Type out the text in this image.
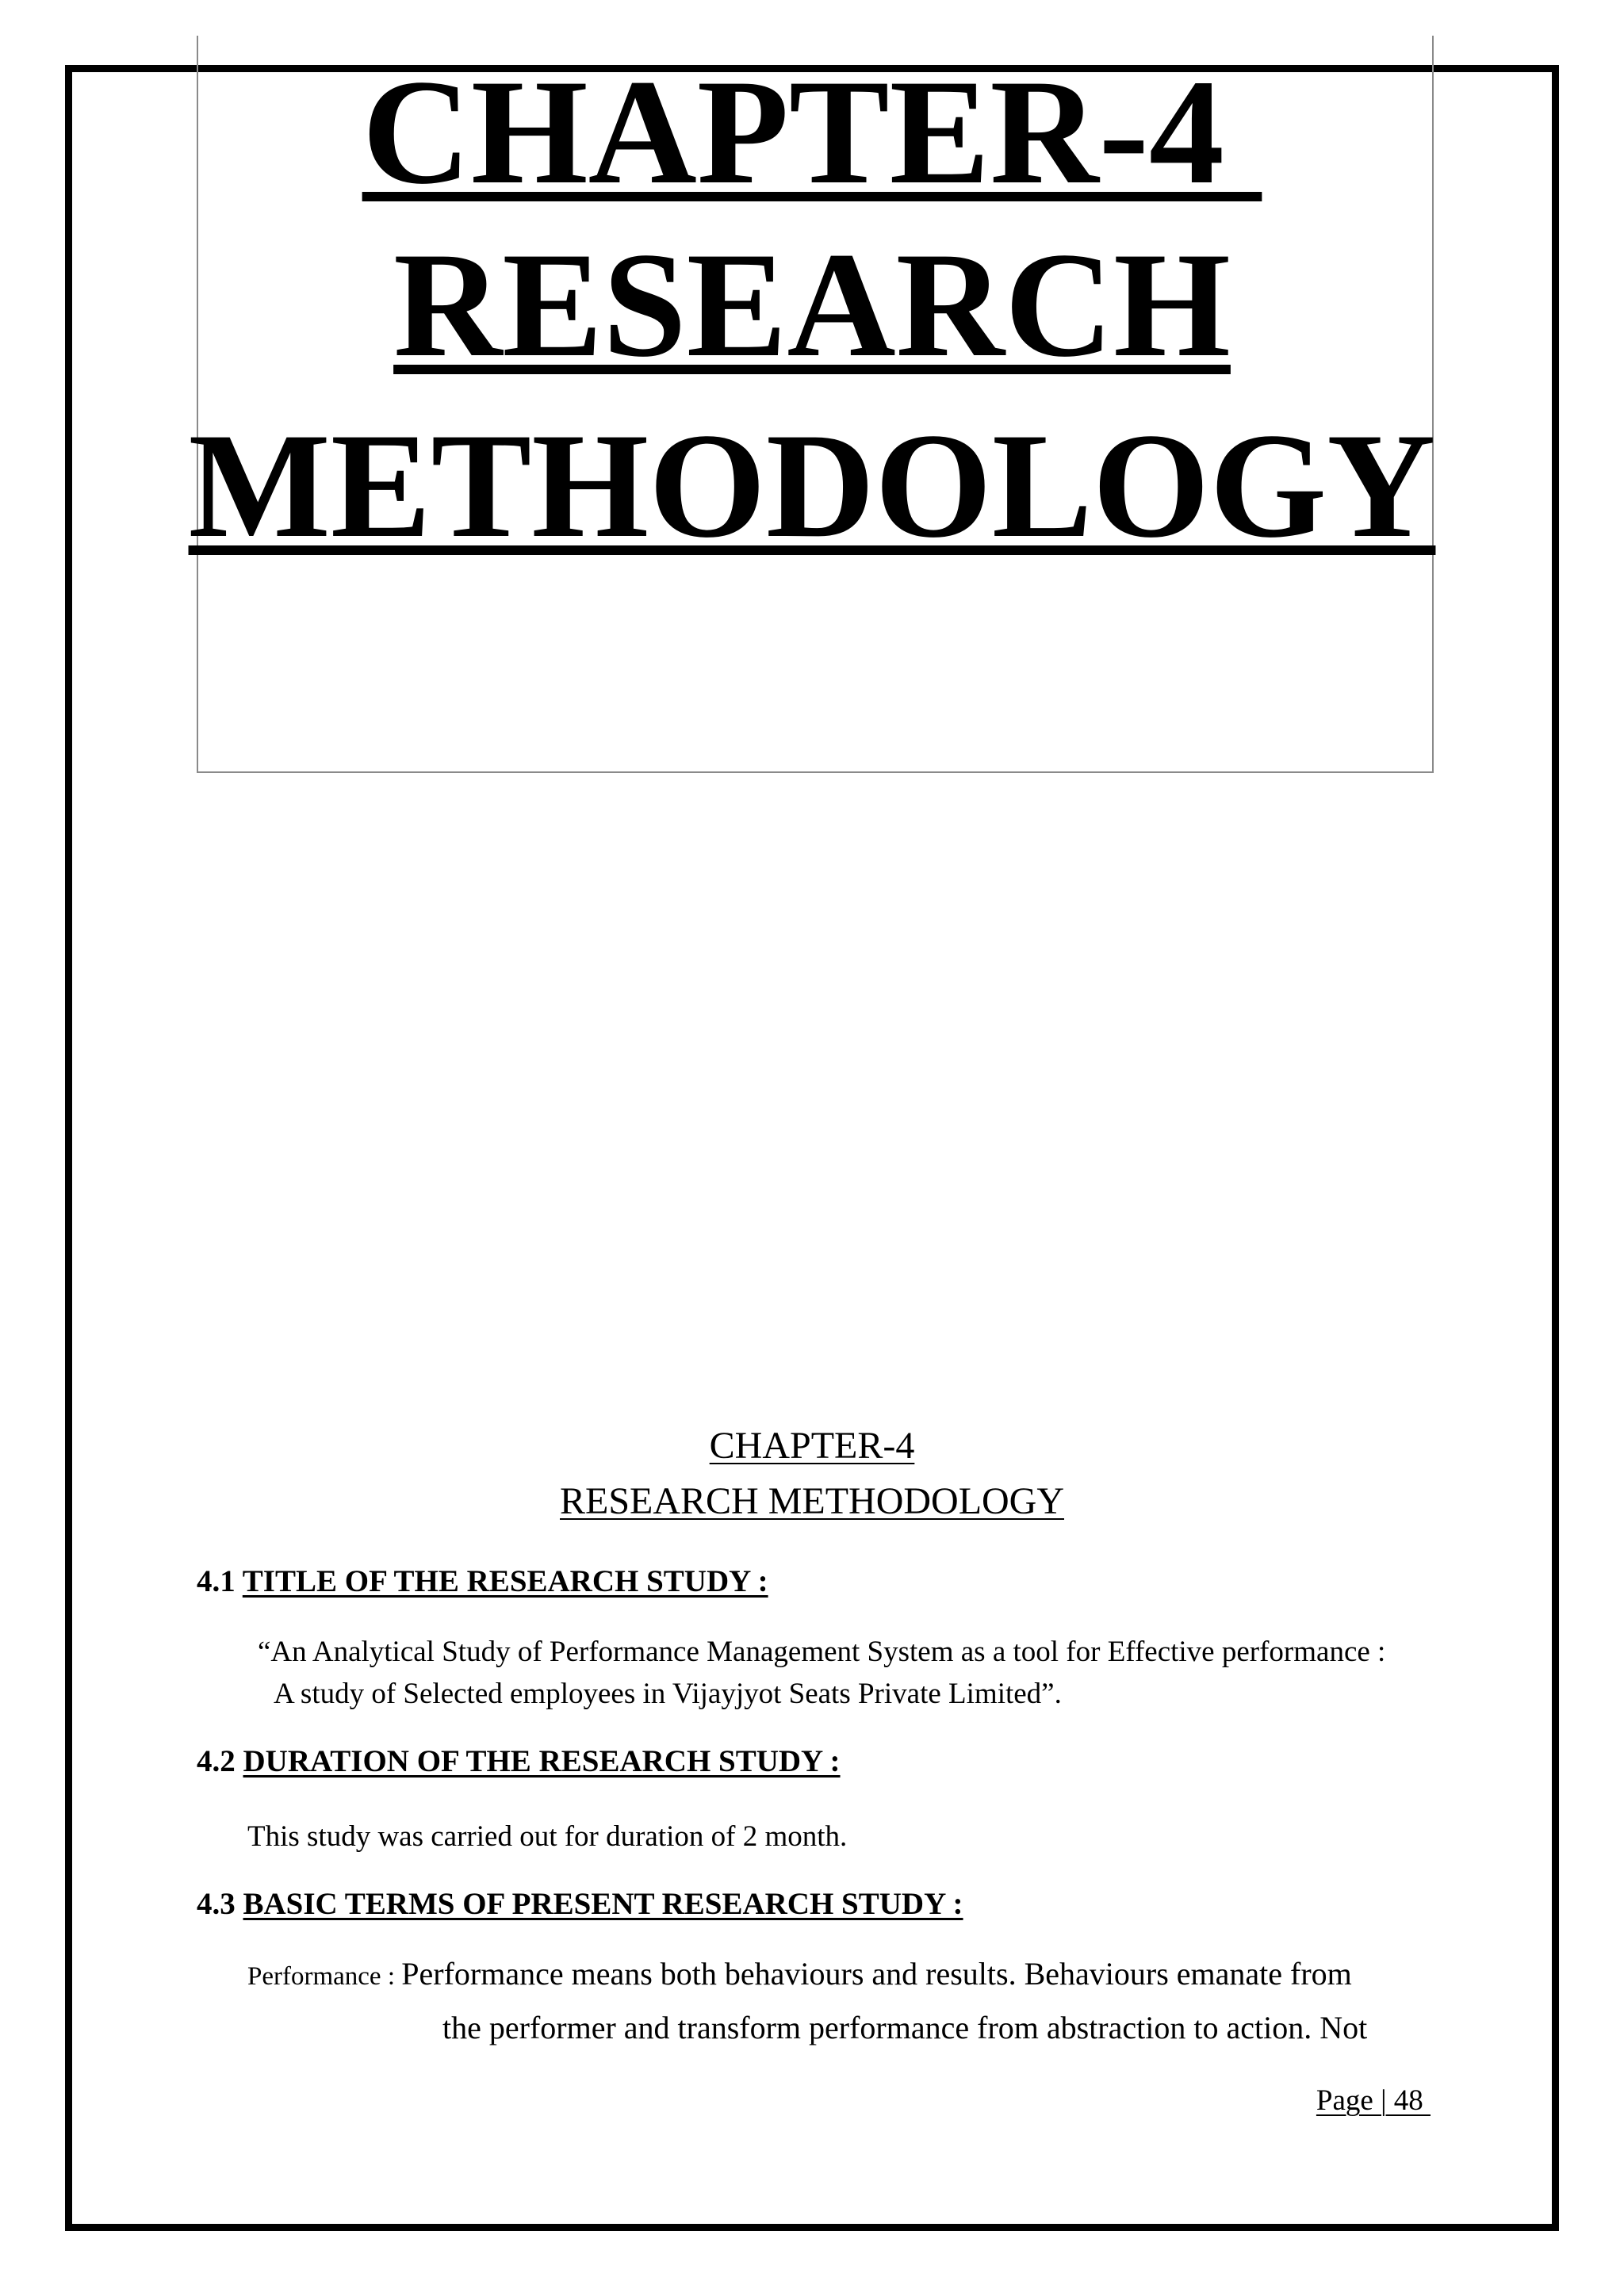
CHAPTER-4
RESEARCH
METHODOLOGY
CHAPTER-4
RESEARCH METHODOLOGY
4.1 TITLE OF THE RESEARCH STUDY :
“An Analytical Study of Performance Management System as a tool for Effective performance :
A study of Selected employees in Vijayjyot Seats Private Limited”.
4.2 DURATION OF THE RESEARCH STUDY :
This study was carried out for duration of 2 month.
4.3 BASIC TERMS OF PRESENT RESEARCH STUDY :
Performance : Performance means both behaviours and results. Behaviours emanate from
the performer and transform performance from abstraction to action. Not
Page | 48
